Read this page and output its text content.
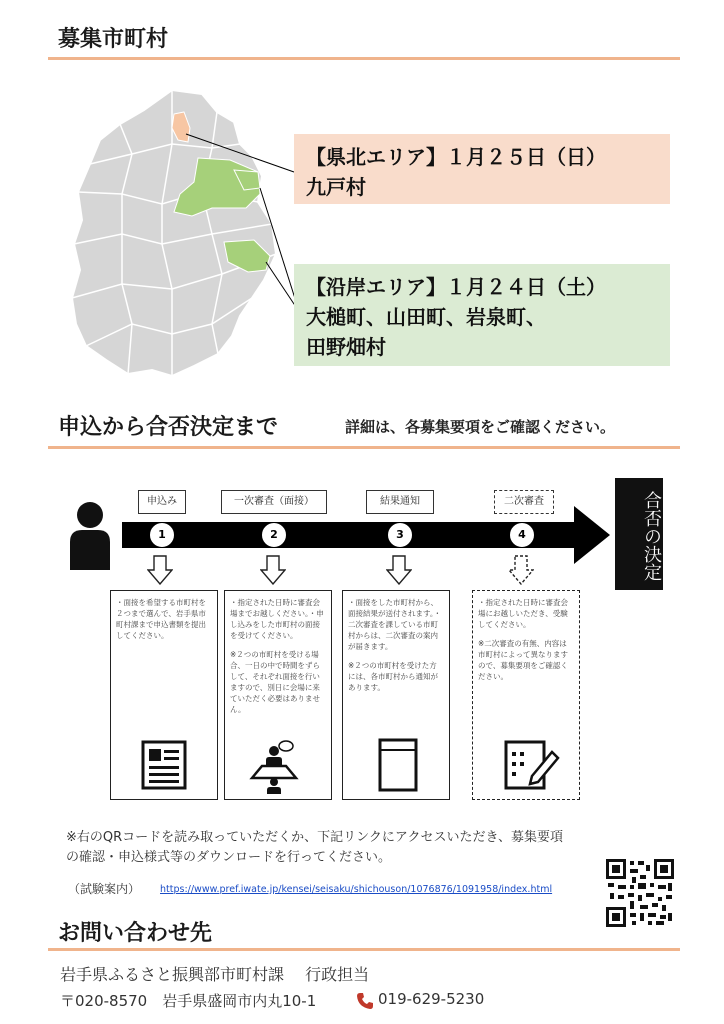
募集市町村
【県北エリア】１月２５日（日）
九戸村
【沿岸エリア】１月２４日（土）
大槌町、山田町、岩泉町、
田野畑村
申込から合否決定まで	詳細は、各募集要項をご確認ください。
申込み	一次審査（面接）	結果通知	二次審査
1	2	3	4	合否の決定

・面接を希望する市町村を２つまで選んで、岩手県市町村課まで申込書類を提出してください。

・指定された日時に審査会場までお越しください。・申し込みをした市町村の面接を受けてください。

※２つの市町村を受ける場合、一日の中で時間をずらして、それぞれ面接を行いますので、別日に会場に来ていただく必要はありません。

・面接をした市町村から、面接結果が送付されます。・二次審査を課している市町村からは、二次審査の案内が届きます。

※２つの市町村を受けた方には、各市町村から通知があります。

・指定された日時に審査会場にお越しいただき、受験してください。

※二次審査の有無、内容は市町村によって異なりますので、募集要項をご確認ください。

※右のQRコードを読み取っていただくか、下記リンクにアクセスいただき、募集要項
の確認・申込様式等のダウンロードを行ってください。
（試験案内） https://www.pref.iwate.jp/kensei/seisaku/shichouson/1076876/1091958/index.html
お問い合わせ先
岩手県ふるさと振興部市町村課　 行政担当
〒020-8570　岩手県盛岡市内丸10-1	019-629-5230
